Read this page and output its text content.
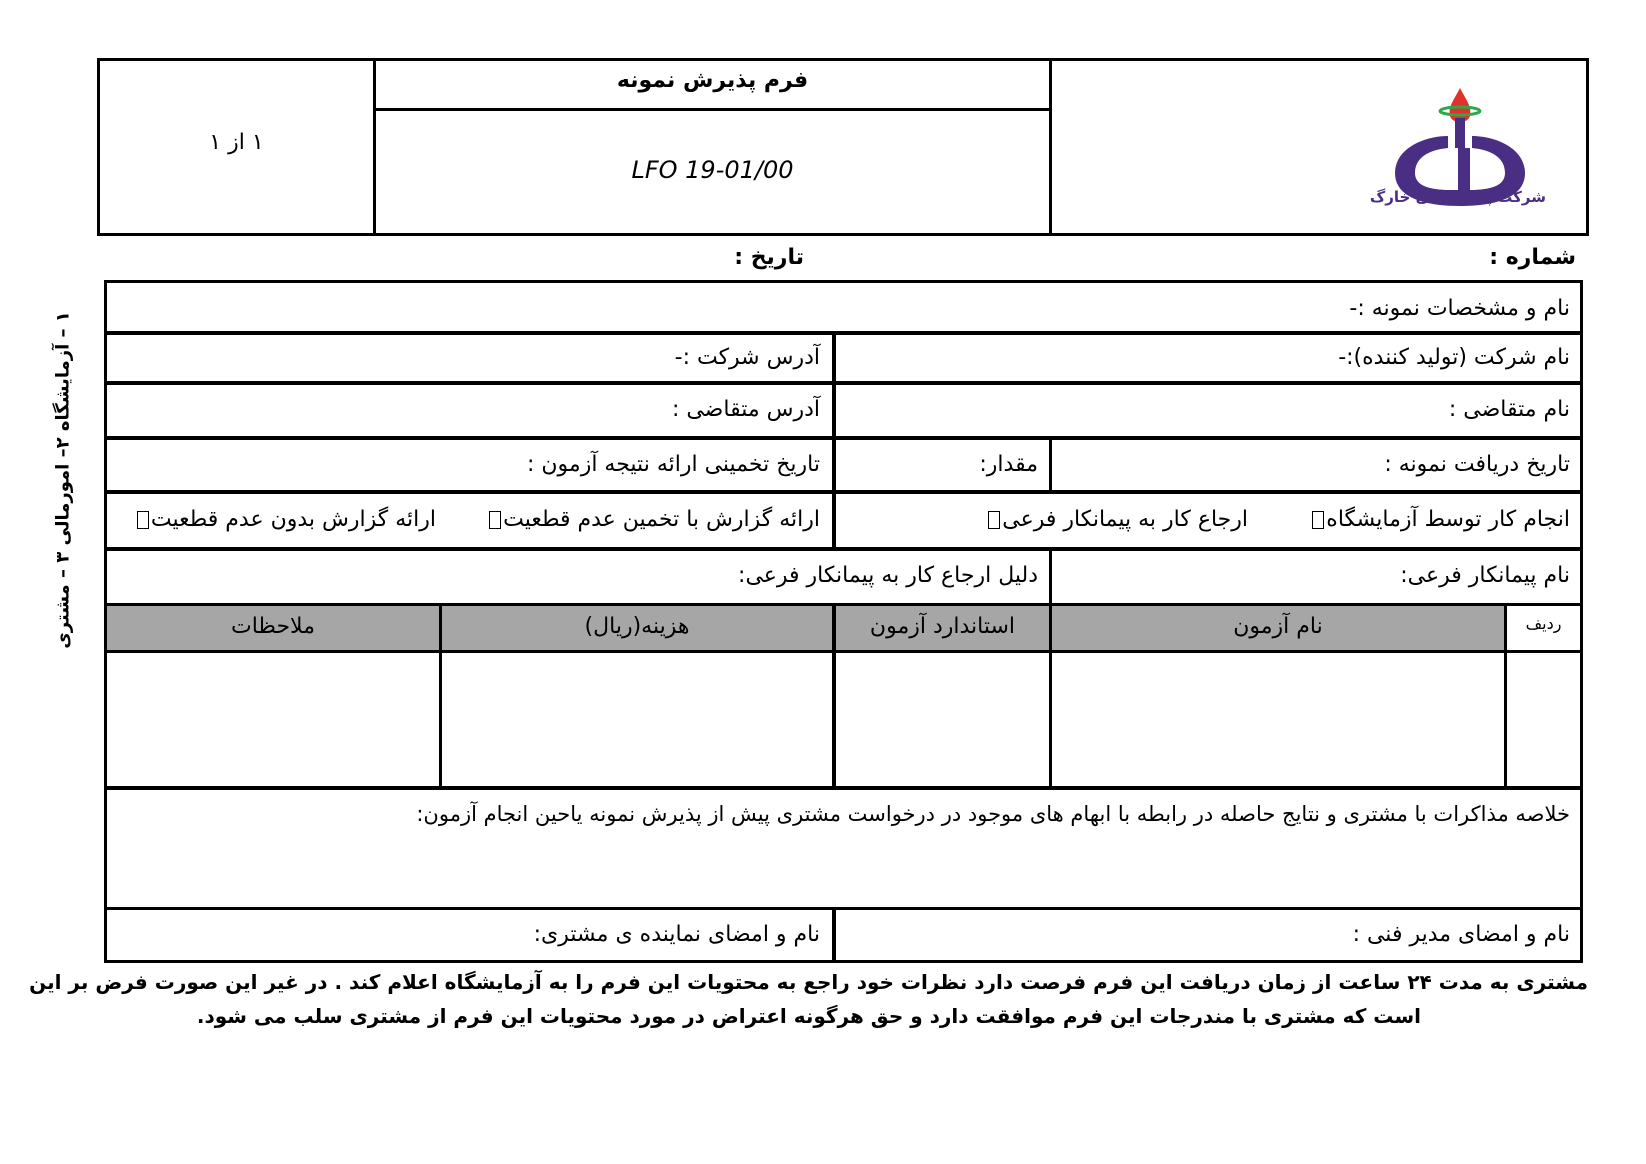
شرکت پتروشیمی خارگ
فرم پذیرش نمونه
LFO 19-01/00
۱ از ۱
شماره :
تاریخ :
۱ – آزمایشگاه ۲– امورمالی ۳ – مشتری	نام و مشخصات نمونه :-
نام شرکت (تولید کننده):-
آدرس شرکت :-
نام متقاضی :
آدرس متقاضی :
تاریخ دریافت نمونه :
مقدار:
تاریخ تخمینی ارائه نتیجه آزمون :
انجام کار توسط آزمایشگاه
ارجاع کار به پیمانکار فرعی
ارائه گزارش با تخمین عدم قطعیت
ارائه گزارش بدون عدم قطعیت
نام پیمانکار فرعی:
دلیل ارجاع کار به پیمانکار فرعی:
ردیف
نام آزمون
استاندارد آزمون
هزینه(ریال)
ملاحظات
خلاصه مذاکرات با مشتری و نتایج حاصله در رابطه با ابهام های موجود در درخواست مشتری پیش از پذیرش نمونه یاحین انجام آزمون:
نام و امضای مدیر فنی :
نام و امضای نماینده ی مشتری:
مشتری به مدت ۲۴ ساعت از زمان دریافت این فرم فرصت دارد نظرات خود راجع به محتویات این فرم را به آزمایشگاه اعلام کند . در غیر این صورت فرض بر این
است که مشتری با مندرجات این فرم موافقت دارد و حق هرگونه اعتراض در مورد محتویات این فرم از مشتری سلب می شود.
